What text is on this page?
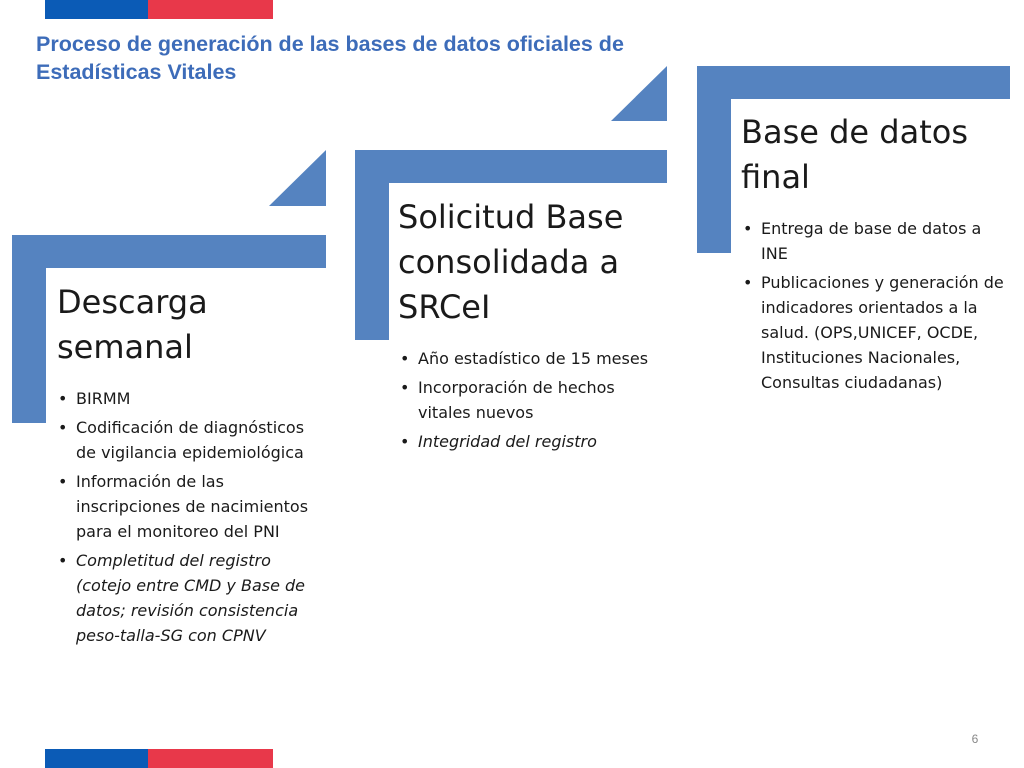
Proceso de generación de las bases de datos oficiales de
Estadísticas Vitales
Descarga
semanal
• BIRMM
• Codificación de diagnósticos de vigilancia epidemiológica
• Información de las inscripciones de nacimientos para el monitoreo del PNI
• Completitud del registro (cotejo entre CMD y Base de datos; revisión consistencia peso-talla-SG con CPNV
Solicitud Base
consolidada a
SRCeI
• Año estadístico de 15 meses
• Incorporación de hechos vitales nuevos
• Integridad del registro
Base de datos
final
• Entrega de base de datos a INE
• Publicaciones y generación de indicadores orientados a la salud. (OPS,UNICEF, OCDE, Instituciones Nacionales, Consultas ciudadanas)
6
